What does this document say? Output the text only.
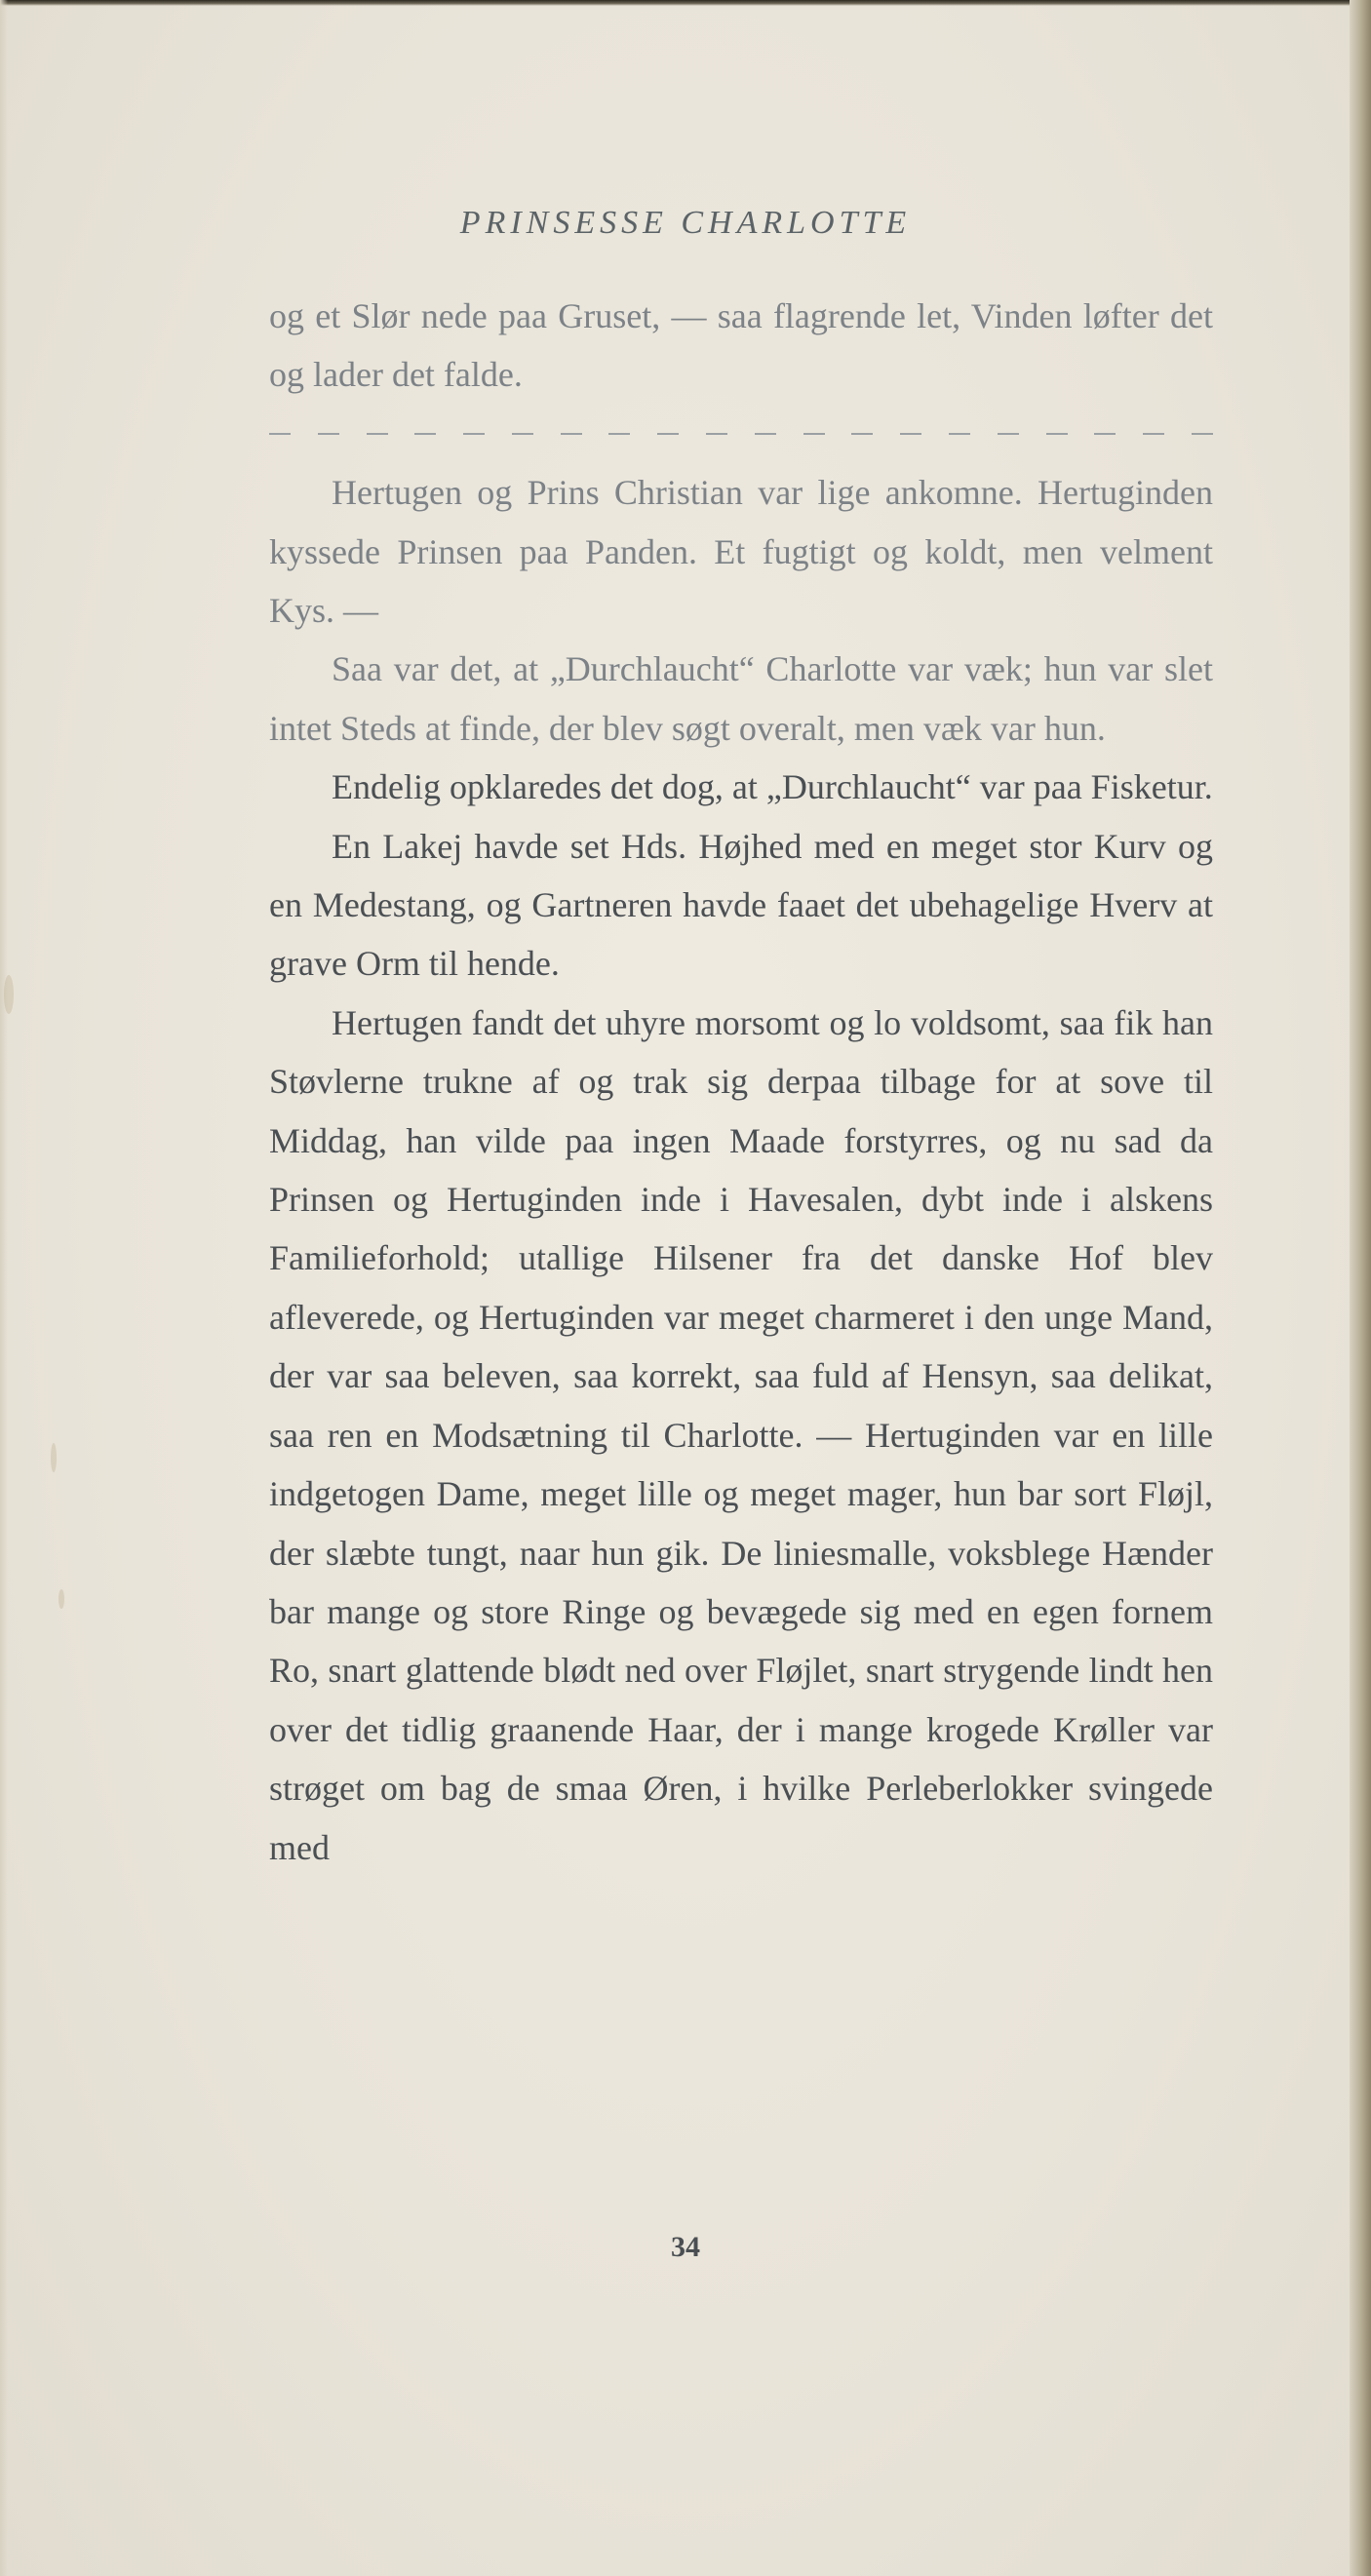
PRINSESSE CHARLOTTE

og et Slør nede paa Gruset, — saa flagrende let, Vinden løfter det og lader det falde.

Hertugen og Prins Christian var lige ankomne. Hertuginden kyssede Prinsen paa Panden. Et fugtigt og koldt, men velment Kys. —

Saa var det, at „Durchlaucht“ Charlotte var væk; hun var slet intet Steds at finde, der blev søgt overalt, men væk var hun.

Endelig opklaredes det dog, at „Durchlaucht“ var paa Fisketur.

En Lakej havde set Hds. Højhed med en meget stor Kurv og en Medestang, og Gartneren havde faaet det ubehagelige Hverv at grave Orm til hende.

Hertugen fandt det uhyre morsomt og lo voldsomt, saa fik han Støvlerne trukne af og trak sig derpaa tilbage for at sove til Middag, han vilde paa ingen Maade forstyrres, og nu sad da Prinsen og Hertuginden inde i Havesalen, dybt inde i alskens Familieforhold; utallige Hilsener fra det danske Hof blev afleverede, og Hertuginden var meget charmeret i den unge Mand, der var saa beleven, saa korrekt, saa fuld af Hensyn, saa delikat, saa ren en Modsætning til Charlotte. — Hertuginden var en lille indgetogen Dame, meget lille og meget mager, hun bar sort Fløjl, der slæbte tungt, naar hun gik. De liniesmalle, voksblege Hænder bar mange og store Ringe og bevægede sig med en egen fornem Ro, snart glattende blødt ned over Fløjlet, snart strygende lindt hen over det tidlig graanende Haar, der i mange krogede Krøller var strøget om bag de smaa Øren, i hvilke Perleberlokker svingede med

34
